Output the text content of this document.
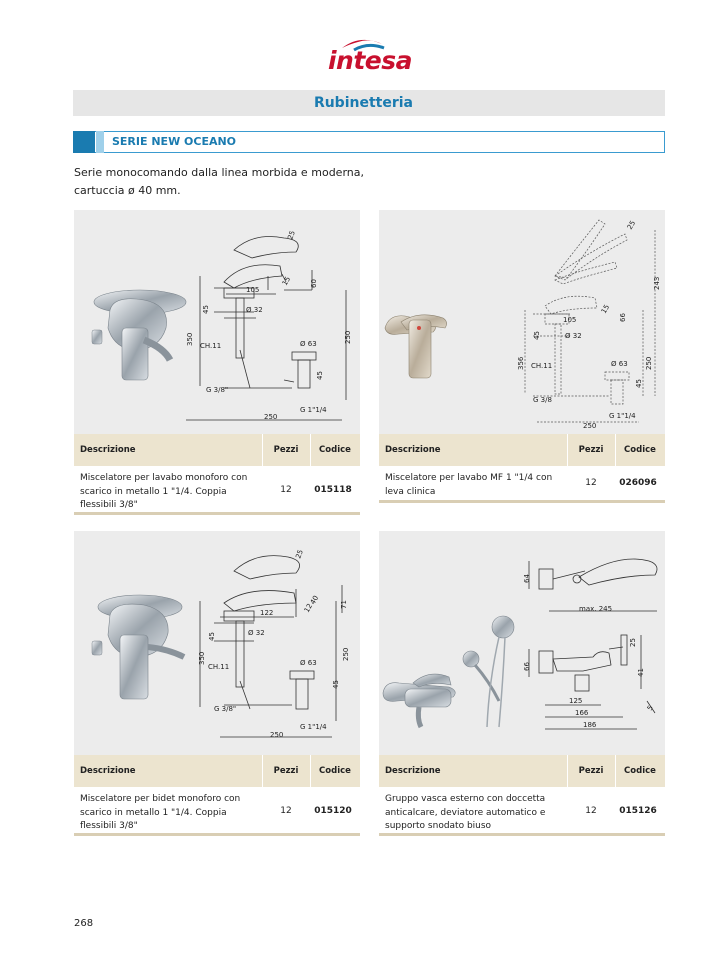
intesa
Rubinetteria
SERIE NEW OCEANO
Serie monocomando dalla linea morbida e moderna, cartuccia ø 40 mm.
105
25
15	60
45	Ø 32
350	Ø 63	250
CH.11
45
G 3/8"
G 1"1/4
250
Descrizione	Pezzi	Codice
Miscelatore per lavabo monoforo con scarico in metallo 1 "1/4. Coppia flessibili 3/8"
12	015118
105
25
15
66
45	Ø 32
356	Ø 63 250
CH.11
45
G 3/8
G 1"1/4
250
243
Descrizione	Pezzi	Codice
Miscelatore per lavabo MF 1 "1/4 con leva clinica
12	026096
122
25
12	71
45	Ø 32
350	Ø 63
250
CH.11
45
G 3/8"
G 1"1/4
250
40
Descrizione	Pezzi	Codice
Miscelatore per bidet monoforo con scarico in metallo 1 "1/4. Coppia flessibili 3/8"
12	015120
64
max. 245
66
25
41
125
166
186
5
Descrizione	Pezzi	Codice
Gruppo vasca esterno con doccetta anticalcare, deviatore automatico e supporto snodato biuso
12	015126
268
